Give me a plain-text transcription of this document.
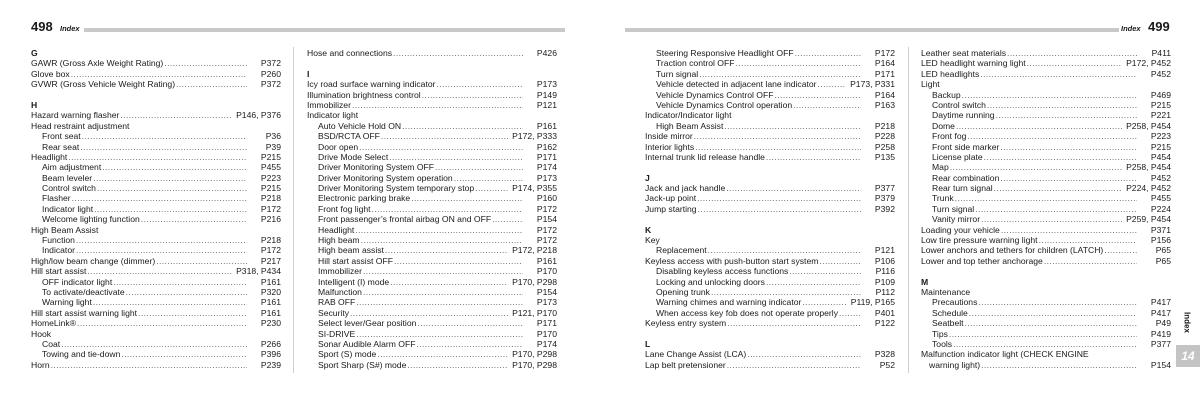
498 Index	Index 499
G
GAWR (Gross Axle Weight Rating) .....	P372
Glove box .....	P260
GVWR (Gross Vehicle Weight Rating) .....	P372
H
Hazard warning flasher .....	P146, P376
Head restraint adjustment
Front seat .....	P36
Rear seat .....	P39
Headlight .....	P215
Aim adjustment .....	P455
Beam leveler .....	P223
Control switch .....	P215
Flasher .....	P218
Indicator light .....	P172
Welcome lighting function .....	P216
High Beam Assist
Function .....	P218
Indicator .....	P172
High/low beam change (dimmer) .....	P217
Hill start assist .....	P318, P434
OFF indicator light .....	P161
To activate/deactivate .....	P320
Warning light .....	P161
Hill start assist warning light .....	P161
HomeLink® .....	P230
Hook
Coat .....	P266
Towing and tie-down .....	P396
Horn .....	P239
Hose and connections .....	P426
I
Icy road surface warning indicator .....	P173
Illumination brightness control .....	P149
Immobilizer .....	P121
Indicator light
Auto Vehicle Hold ON .....	P161
BSD/RCTA OFF .....	P172, P333
Door open .....	P162
Drive Mode Select .....	P171
Driver Monitoring System OFF .....	P174
Driver Monitoring System operation .....	P173
Driver Monitoring System temporary stop .....	P174, P355
Electronic parking brake .....	P160
Front fog light .....	P172
Front passenger’s frontal airbag ON and OFF .....	P154
Headlight .....	P172
High beam .....	P172
High beam assist .....	P172, P218
Hill start assist OFF .....	P161
Immobilizer .....	P170
Intelligent (I) mode .....	P170, P298
Malfunction .....	P154
RAB OFF .....	P173
Security .....	P121, P170
Select lever/Gear position .....	P171
SI-DRIVE .....	P170
Sonar Audible Alarm OFF .....	P174
Sport (S) mode .....	P170, P298
Sport Sharp (S#) mode .....	P170, P298
Steering Responsive Headlight OFF .....	P172
Traction control OFF .....	P164
Turn signal .....	P171
Vehicle detected in adjacent lane indicator .....	P173, P331
Vehicle Dynamics Control OFF .....	P164
Vehicle Dynamics Control operation .....	P163
Indicator/Indicator light
High Beam Assist .....	P218
Inside mirror .....	P228
Interior lights .....	P258
Internal trunk lid release handle .....	P135
J
Jack and jack handle .....	P377
Jack-up point .....	P379
Jump starting .....	P392
K
Key
Replacement .....	P121
Keyless access with push-button start system .....	P106
Disabling keyless access functions .....	P116
Locking and unlocking doors .....	P109
Opening trunk .....	P112
Warning chimes and warning indicator .....	P119, P165
When access key fob does not operate properly .....	P401
Keyless entry system .....	P122
L
Lane Change Assist (LCA) .....	P328
Lap belt pretensioner .....	P52
Leather seat materials .....	P411
LED headlight warning light .....	P172, P452
LED headlights .....	P452
Light
Backup .....	P469
Control switch .....	P215
Daytime running .....	P221
Dome .....	P258, P454
Front fog .....	P223
Front side marker .....	P215
License plate .....	P454
Map .....	P258, P454
Rear combination .....	P452
Rear turn signal .....	P224, P452
Trunk .....	P455
Turn signal .....	P224
Vanity mirror .....	P259, P454
Loading your vehicle .....	P371
Low tire pressure warning light .....	P156
Lower anchors and tethers for children (LATCH) .....	P65
Lower and top tether anchorage .....	P65
M
Maintenance
Precautions .....	P417
Schedule .....	P417
Seatbelt .....	P49
Tips .....	P419
Tools .....	P377
Malfunction indicator light (CHECK ENGINE
warning light) .....	P154
Index
14
